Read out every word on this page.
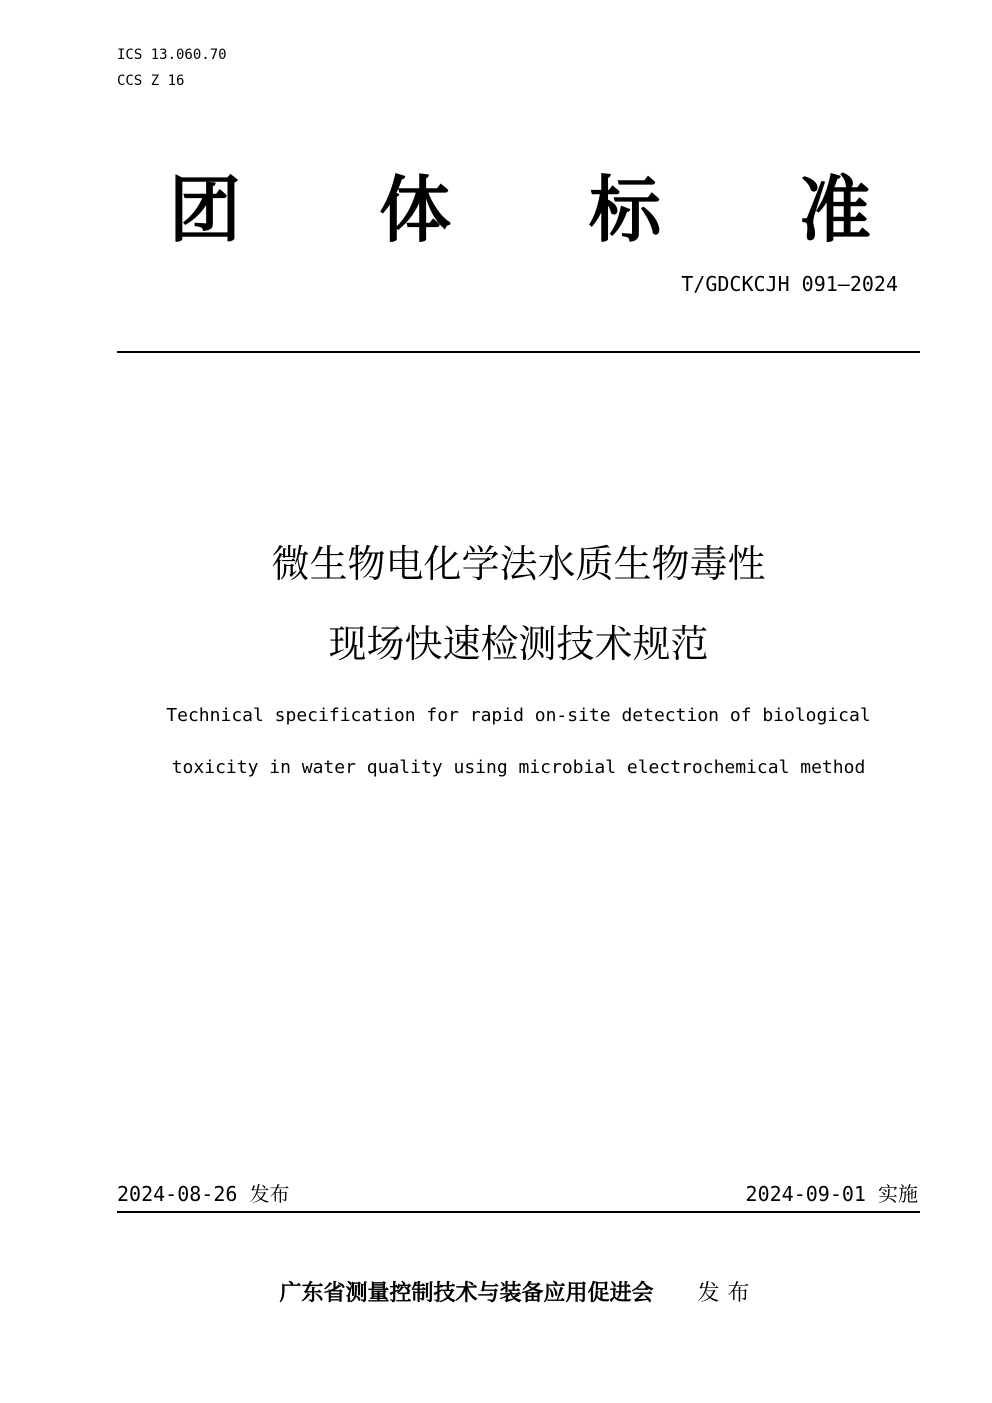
ICS 13.060.70
CCS Z 16
团 体 标 准
T/GDCKCJH 091—2024
微生物电化学法水质生物毒性
现场快速检测技术规范
Technical specification for rapid on-site detection of biological
toxicity in water quality using microbial electrochemical method
2024-08-26 发布	2024-09-01 实施
广东省测量控制技术与装备应用促进会 发布
